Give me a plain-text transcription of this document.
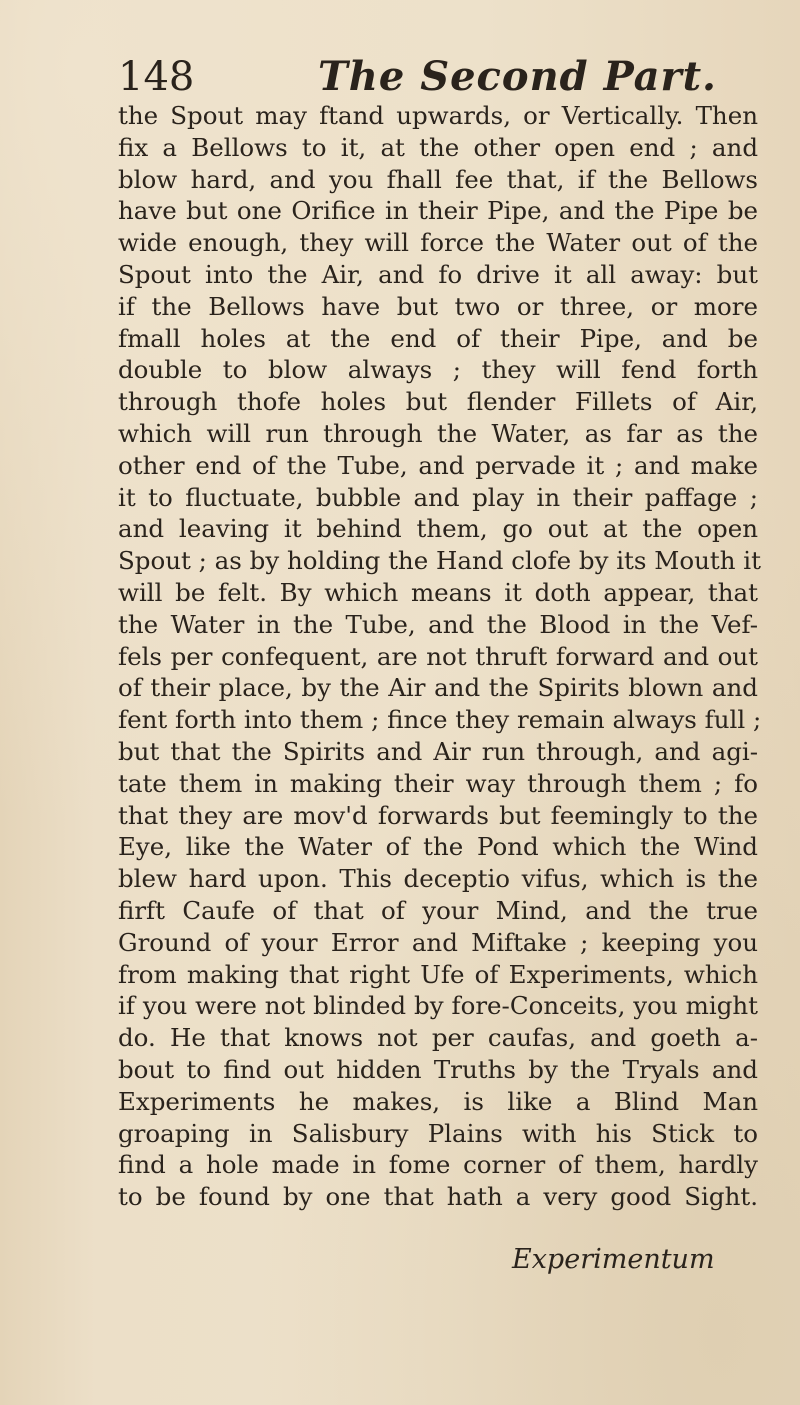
148	The Second Part.
the Spout may ftand upwards, or Vertically. Then
fix a Bellows to it, at the other open end ; and
blow hard, and you fhall fee that, if the Bellows
have but one Orifice in their Pipe, and the Pipe be
wide enough, they will force the Water out of the
Spout into the Air, and fo drive it all away: but
if the Bellows have but two or three, or more
fmall holes at the end of their Pipe, and be
double to blow always ; they will fend forth
through thofe holes but flender Fillets of Air,
which will run through the Water, as far as the
other end of the Tube, and pervade it ; and make
it to fluctuate, bubble and play in their paffage ;
and leaving it behind them, go out at the open
Spout ; as by holding the Hand clofe by its Mouth it
will be felt. By which means it doth appear, that
the Water in the Tube, and the Blood in the Vef-
fels per confequent, are not thruft forward and out
of their place, by the Air and the Spirits blown and
fent forth into them ; fince they remain always full ;
but that the Spirits and Air run through, and agi-
tate them in making their way through them ; fo
that they are mov'd forwards but feemingly to the
Eye, like the Water of the Pond which the Wind
blew hard upon. This deceptio vifus, which is the
firft Caufe of that of your Mind, and the true
Ground of your Error and Miftake ; keeping you
from making that right Ufe of Experiments, which
if you were not blinded by fore-Conceits, you might
do. He that knows not per caufas, and goeth a-
bout to find out hidden Truths by the Tryals and
Experiments he makes, is like a Blind Man
groaping in Salisbury Plains with his Stick to
find a hole made in fome corner of them, hardly
to be found by one that hath a very good Sight.
Experimentum
